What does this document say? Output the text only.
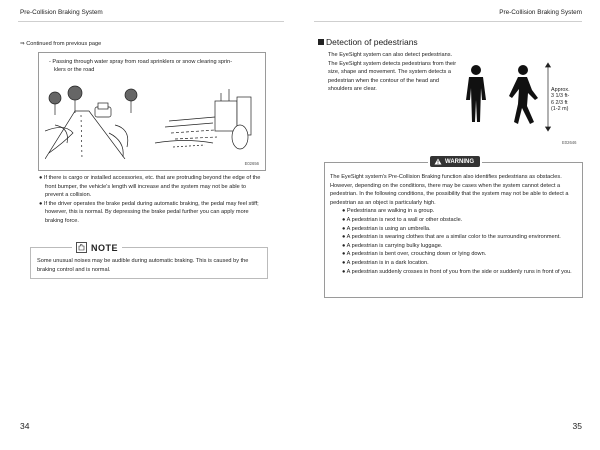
Pre-Collision Braking System	Pre-Collision Braking System
⇒ Continued from previous page
- Passing through water spray from road sprinklers or snow clearing sprin-
klers or the road
E02656

● If there is cargo or installed accessories, etc. that are protruding beyond the edge of the front bumper, the vehicle's length will increase and the system may not be able to prevent a collision.

● If the driver operates the brake pedal during automatic braking, the pedal may feel stiff; however, this is normal. By depressing the brake pedal further you can apply more braking force.

NOTE
Some unusual noises may be audible during automatic braking. This is caused by the braking control and is normal.
34
Detection of pedestrians
The EyeSight system can also detect pedestrians. The EyeSight system detects pedestrians from their size, shape and movement. The system detects a pedestrian when the contour of the head and shoulders are clear.	Approx.
3 1/3 ft-
6 2/3 ft
(1-2 m)
E02646
WARNING
The EyeSight system's Pre-Collision Braking function also identifies pedestrians as obstacles. However, depending on the conditions, there may be cases when the system cannot detect a pedestrian. In the following conditions, the possibility that the system may not be able to detect a pedestrian as an object is particularly high.

● Pedestrians are walking in a group.

● A pedestrian is next to a wall or other obstacle.

● A pedestrian is using an umbrella.

● A pedestrian is wearing clothes that are a similar color to the surrounding environment.

● A pedestrian is carrying bulky luggage.

● A pedestrian is bent over, crouching down or lying down.

● A pedestrian is in a dark location.

● A pedestrian suddenly crosses in front of you from the side or suddenly runs in front of you.

35
